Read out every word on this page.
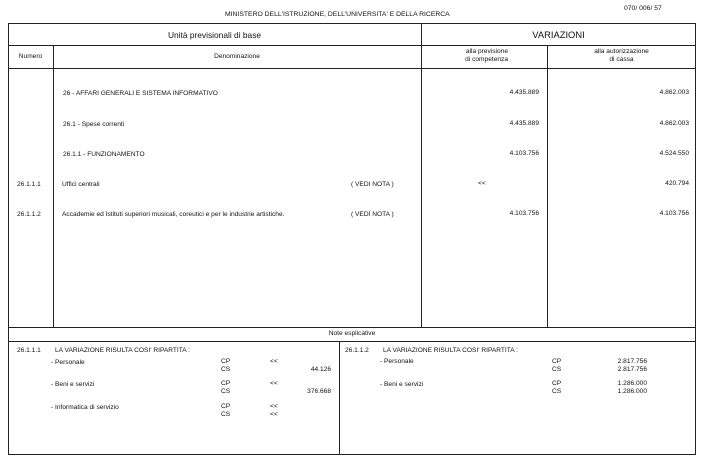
MINISTERO DELL'ISTRUZIONE, DELL'UNIVERSITA' E DELLA RICERCA
070/ 006/ 57
Unità previsionali di base	VARIAZIONI
Numero	Denominazione
alla previsione
di competenza
alla autorizzazione
di cassa
26 - AFFARI GENERALI E SISTEMA INFORMATIVO	4.435.889	4.862.003
26.1 - Spese correnti	4.435.889	4.862.003
26.1.1 - FUNZIONAMENTO	4.103.756	4.524.550
26.1.1.1	Uffici centrali	( VEDI NOTA )	<<	420.794
26.1.1.2	Accademie ed Istituti superiori musicali, coreutici e per le industrie artistiche.	( VEDI NOTA )	4.103.756	4.103.756
Note esplicative
26.1.1.1 LA VARIAZIONE RISULTA COSI' RIPARTITA :
- Personale	CP	<<
CS	44.126
- Beni e servizi	CP	<<
CS	376.668
- Informatica di servizio	CP	<<
CS	<<
26.1.1.2 LA VARIAZIONE RISULTA COSI' RIPARTITA :
- Personale	CP	2.817.756
CS	2.817.756
- Beni e servizi	CP	1.286.000
CS	1.286.000
